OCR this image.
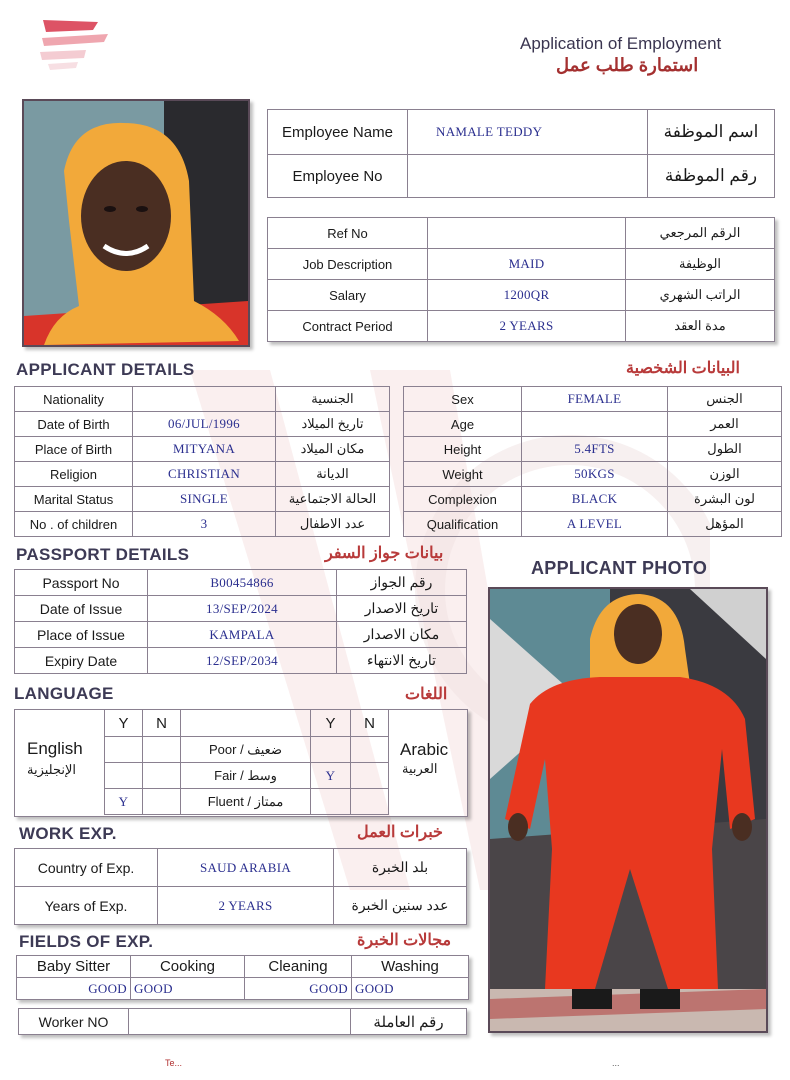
Application of Employment
استمارة طلب عمل
Employee Name	NAMALE TEDDY	اسم الموظفة
Employee No		رقم الموظفة
Ref No		الرقم المرجعي
Job Description	MAID	الوظيفة
Salary	1200QR	الراتب الشهري
Contract Period	2 YEARS	مدة العقد
APPLICANT DETAILS	البيانات الشخصية
Nationality		الجنسية
Date of Birth	06/JUL/1996	تاريخ الميلاد
Place of Birth	MITYANA	مكان الميلاد
Religion	CHRISTIAN	الديانة
Marital Status	SINGLE	الحالة الاجتماعية
No . of children	3	عدد الاطفال
Sex	FEMALE	الجنس
Age		العمر
Height	5.4FTS	الطول
Weight	50KGS	الوزن
Complexion	BLACK	لون البشرة
Qualification	A LEVEL	المؤهل
PASSPORT DETAILS	بيانات جواز السفر
Passport No	B00454866	رقم الجواز
Date of Issue	13/SEP/2024	تاريخ الاصدار
Place of Issue	KAMPALA	مكان الاصدار
Expiry Date	12/SEP/2034	تاريخ الانتهاء
APPLICANT PHOTO
LANGUAGE	اللغات
Y	N		Y	N
		Poor / ضعيف		
		Fair / وسط	Y	
Y		Fluent / ممتاز		
English
الإنجليزية
Arabic
العربية
WORK EXP.	خبرات العمل
Country of Exp.	SAUD ARABIA	بلد الخبرة
Years of Exp.	2 YEARS	عدد سنين الخبرة
FIELDS OF EXP.	مجالات الخبرة
Baby Sitter	Cooking	Cleaning	Washing
GOOD	GOOD	GOOD	GOOD
Worker NO		رقم العاملة
Te...	...
